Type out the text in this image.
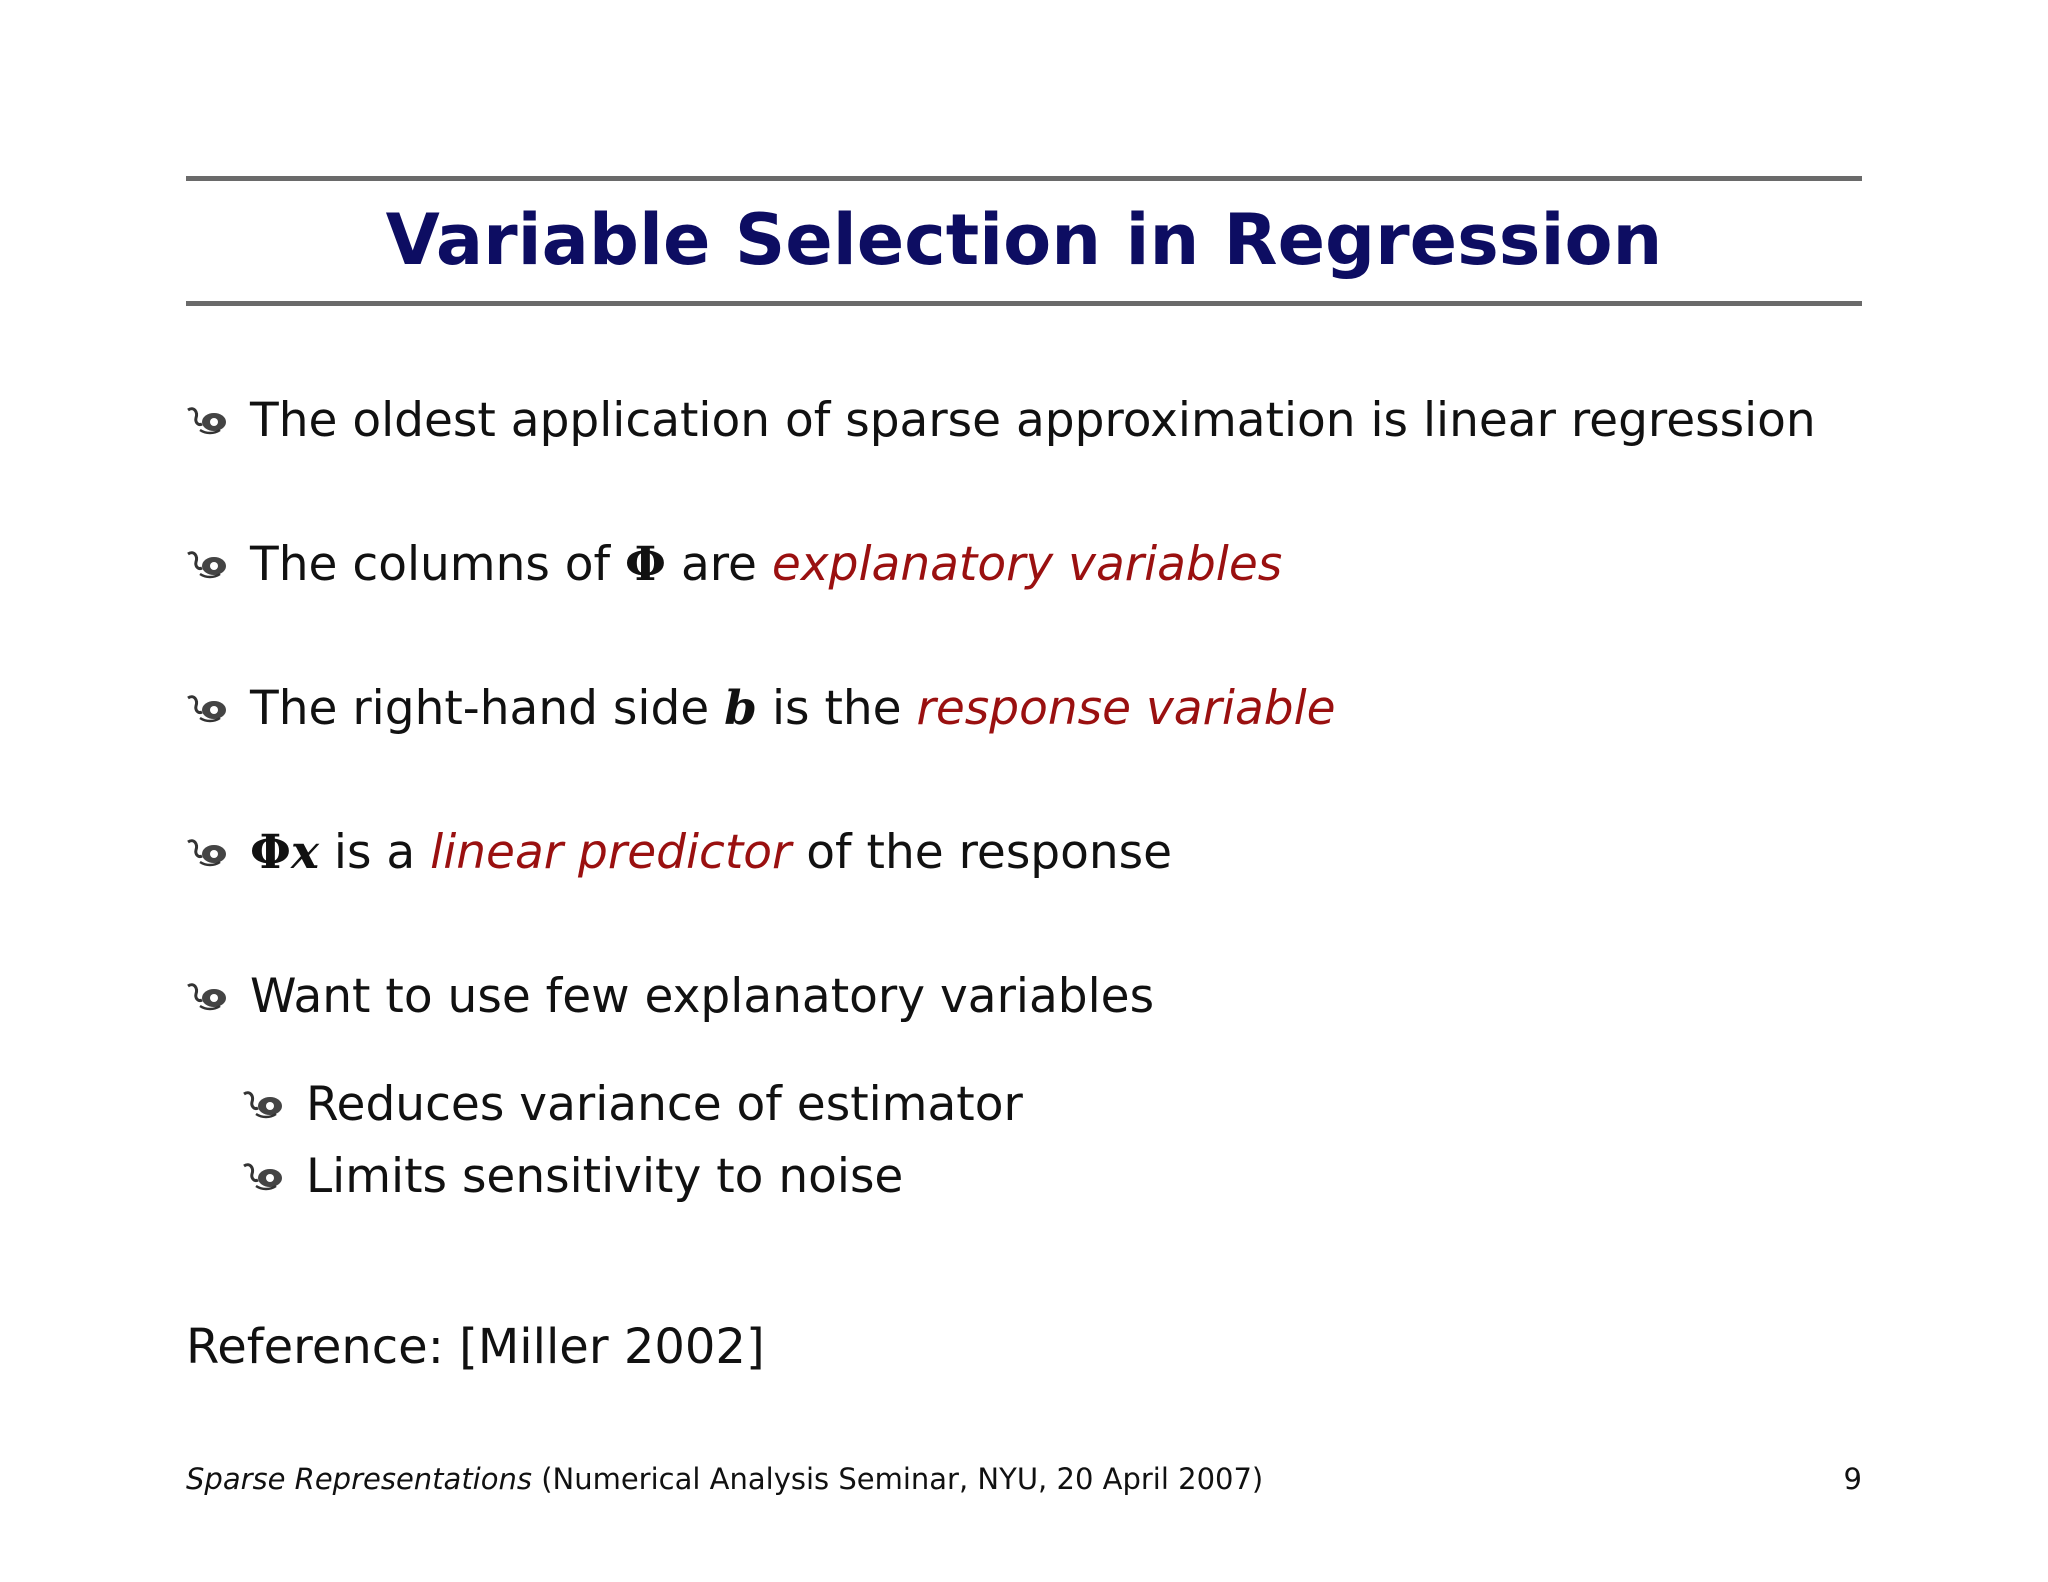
Variable Selection in Regression
The oldest application of sparse approximation is linear regression
The columns of Φ are explanatory variables
The right-hand side b is the response variable
Φx is a linear predictor of the response
Want to use few explanatory variables
Reduces variance of estimator
Limits sensitivity to noise
Reference: [Miller 2002]
Sparse Representations (Numerical Analysis Seminar, NYU, 20 April 2007)	9
